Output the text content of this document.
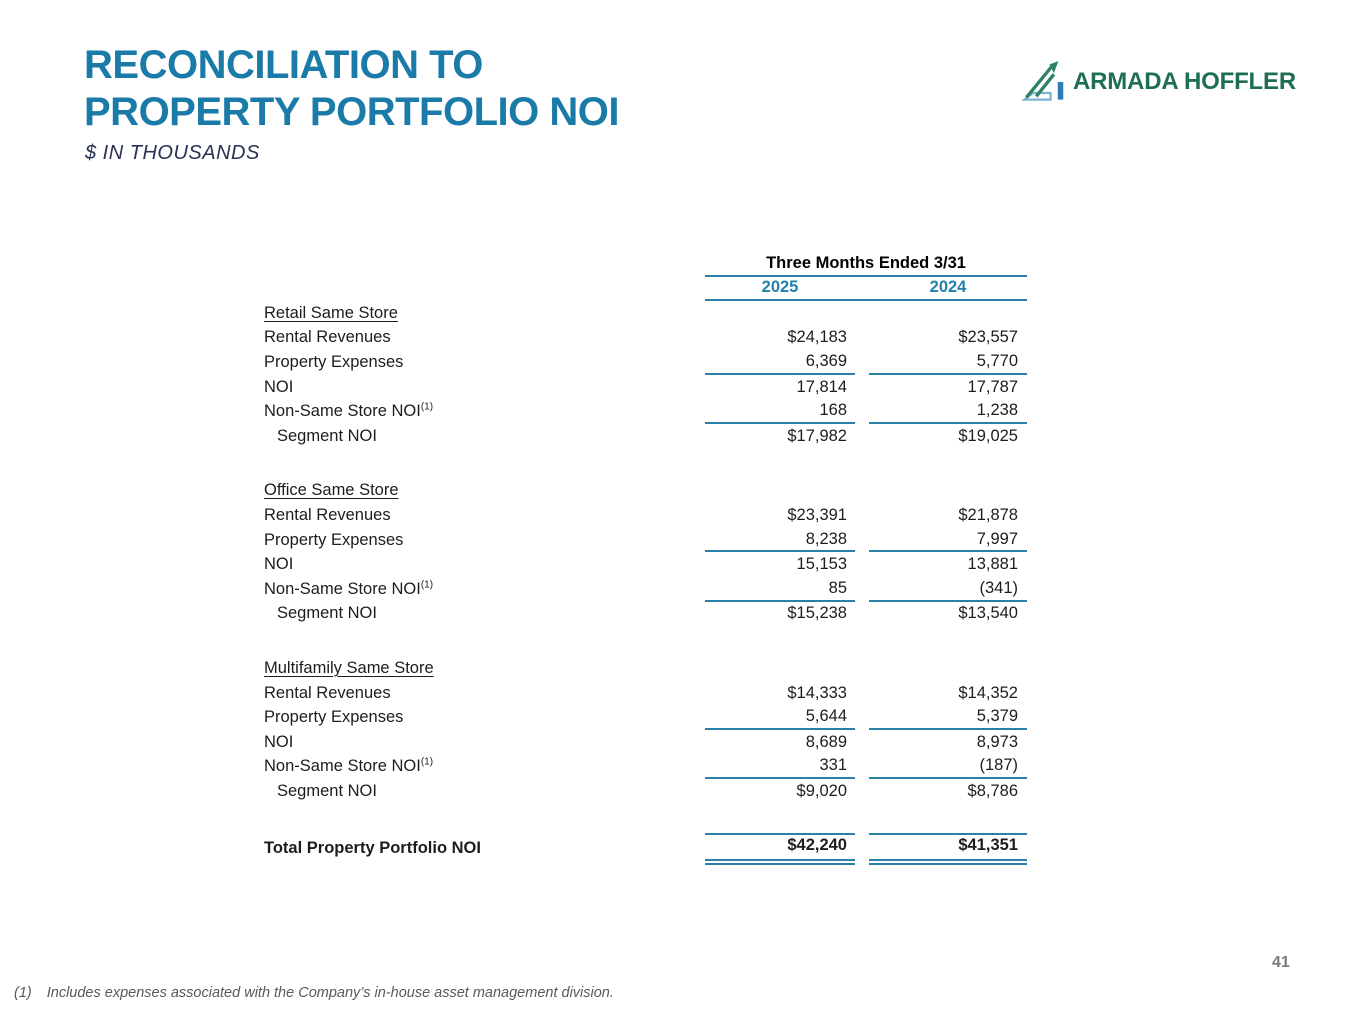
RECONCILIATION TO
PROPERTY PORTFOLIO NOI
$ IN THOUSANDS
ARMADA HOFFLER
Three Months Ended 3/31
2025	2024
Retail Same Store
Rental Revenues	$24,183	$23,557
Property Expenses	6,369	5,770
NOI	17,814	17,787
Non-Same Store NOI$^{(1)}$	168	1,238
Segment NOI	$17,982	$19,025
Office Same Store
Rental Revenues	$23,391	$21,878
Property Expenses	8,238	7,997
NOI	15,153	13,881
Non-Same Store NOI$^{(1)}$	85	(341)
Segment NOI	$15,238	$13,540
Multifamily Same Store
Rental Revenues	$14,333	$14,352
Property Expenses	5,644	5,379
NOI	8,689	8,973
Non-Same Store NOI$^{(1)}$	331	(187)
Segment NOI	$9,020	$8,786
Total Property Portfolio NOI	$42,240	$41,351
(1) Includes expenses associated with the Company’s in-house asset management division.
41
